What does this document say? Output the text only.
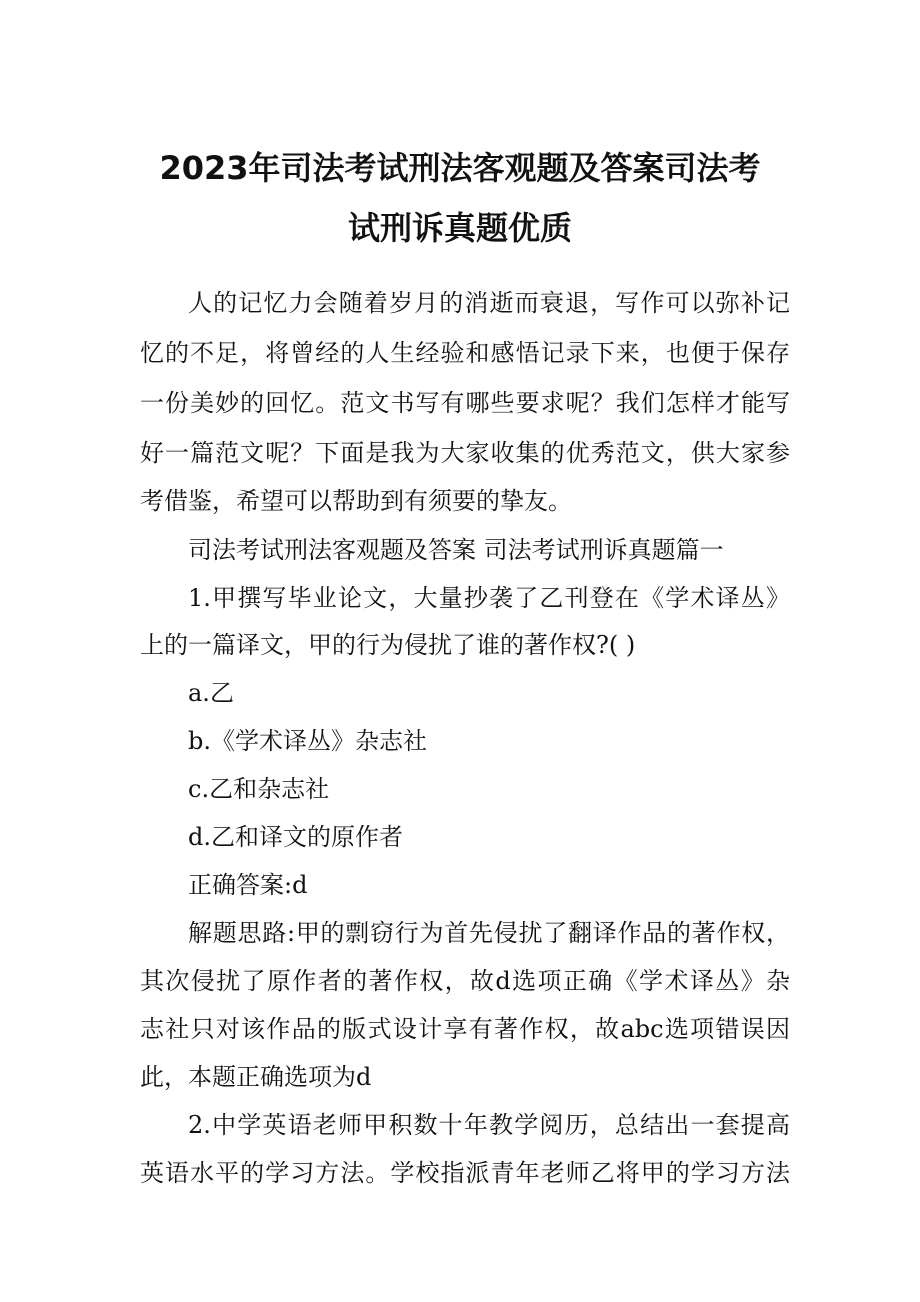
2023年司法考试刑法客观题及答案司法考
试刑诉真题优质

人的记忆力会随着岁月的消逝而衰退，写作可以弥补记

忆的不足，将曾经的人生经验和感悟记录下来，也便于保存

一份美妙的回忆。范文书写有哪些要求呢？我们怎样才能写

好一篇范文呢？下面是我为大家收集的优秀范文，供大家参

考借鉴，希望可以帮助到有须要的挚友。

司法考试刑法客观题及答案 司法考试刑诉真题篇一

1.甲撰写毕业论文，大量抄袭了乙刊登在《学术译丛》

上的一篇译文，甲的行为侵扰了谁的著作权?( )

a.乙

b.《学术译丛》杂志社

c.乙和杂志社

d.乙和译文的原作者

正确答案:d

解题思路:甲的剽窃行为首先侵扰了翻译作品的著作权，

其次侵扰了原作者的著作权，故d选项正确《学术译丛》杂

志社只对该作品的版式设计享有著作权，故abc选项错误因

此，本题正确选项为d

2.中学英语老师甲积数十年教学阅历，总结出一套提高

英语水平的学习方法。学校指派青年老师乙将甲的学习方法
